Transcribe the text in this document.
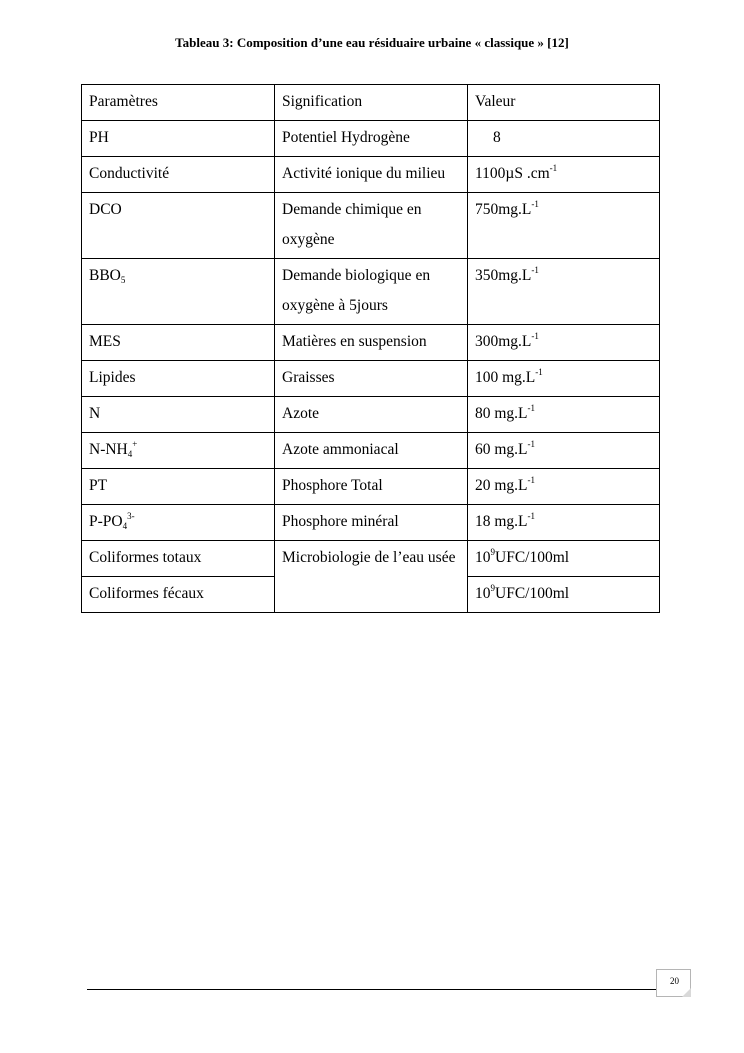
Tableau 3: Composition d’une eau résiduaire urbaine « classique » [12]
Paramètres	Signification	Valeur
PH	Potentiel Hydrogène	8
Conductivité	Activité ionique du milieu	1100µS $.cm^{-1}$
DCO	Demande chimique en oxygène	$750mg.L^{-1}$
$BBO_5$	Demande biologique en oxygène à 5jours	$350mg.L^{-1}$
MES	Matières en suspension	$300mg.L^{-1}$
Lipides	Graisses	100 $mg.L^{-1}$
N	Azote	80 $mg.L^{-1}$
$N-NH_4^+$	Azote ammoniacal	60 $mg.L^{-1}$
PT	Phosphore Total	20 $mg.L^{-1}$
$P-PO_4^{3-}$	Phosphore minéral	18 $mg.L^{-1}$
Coliformes totaux	Microbiologie de l’eau usée	$10^9UFC/100ml$
Coliformes fécaux		$10^9UFC/100ml$
20
